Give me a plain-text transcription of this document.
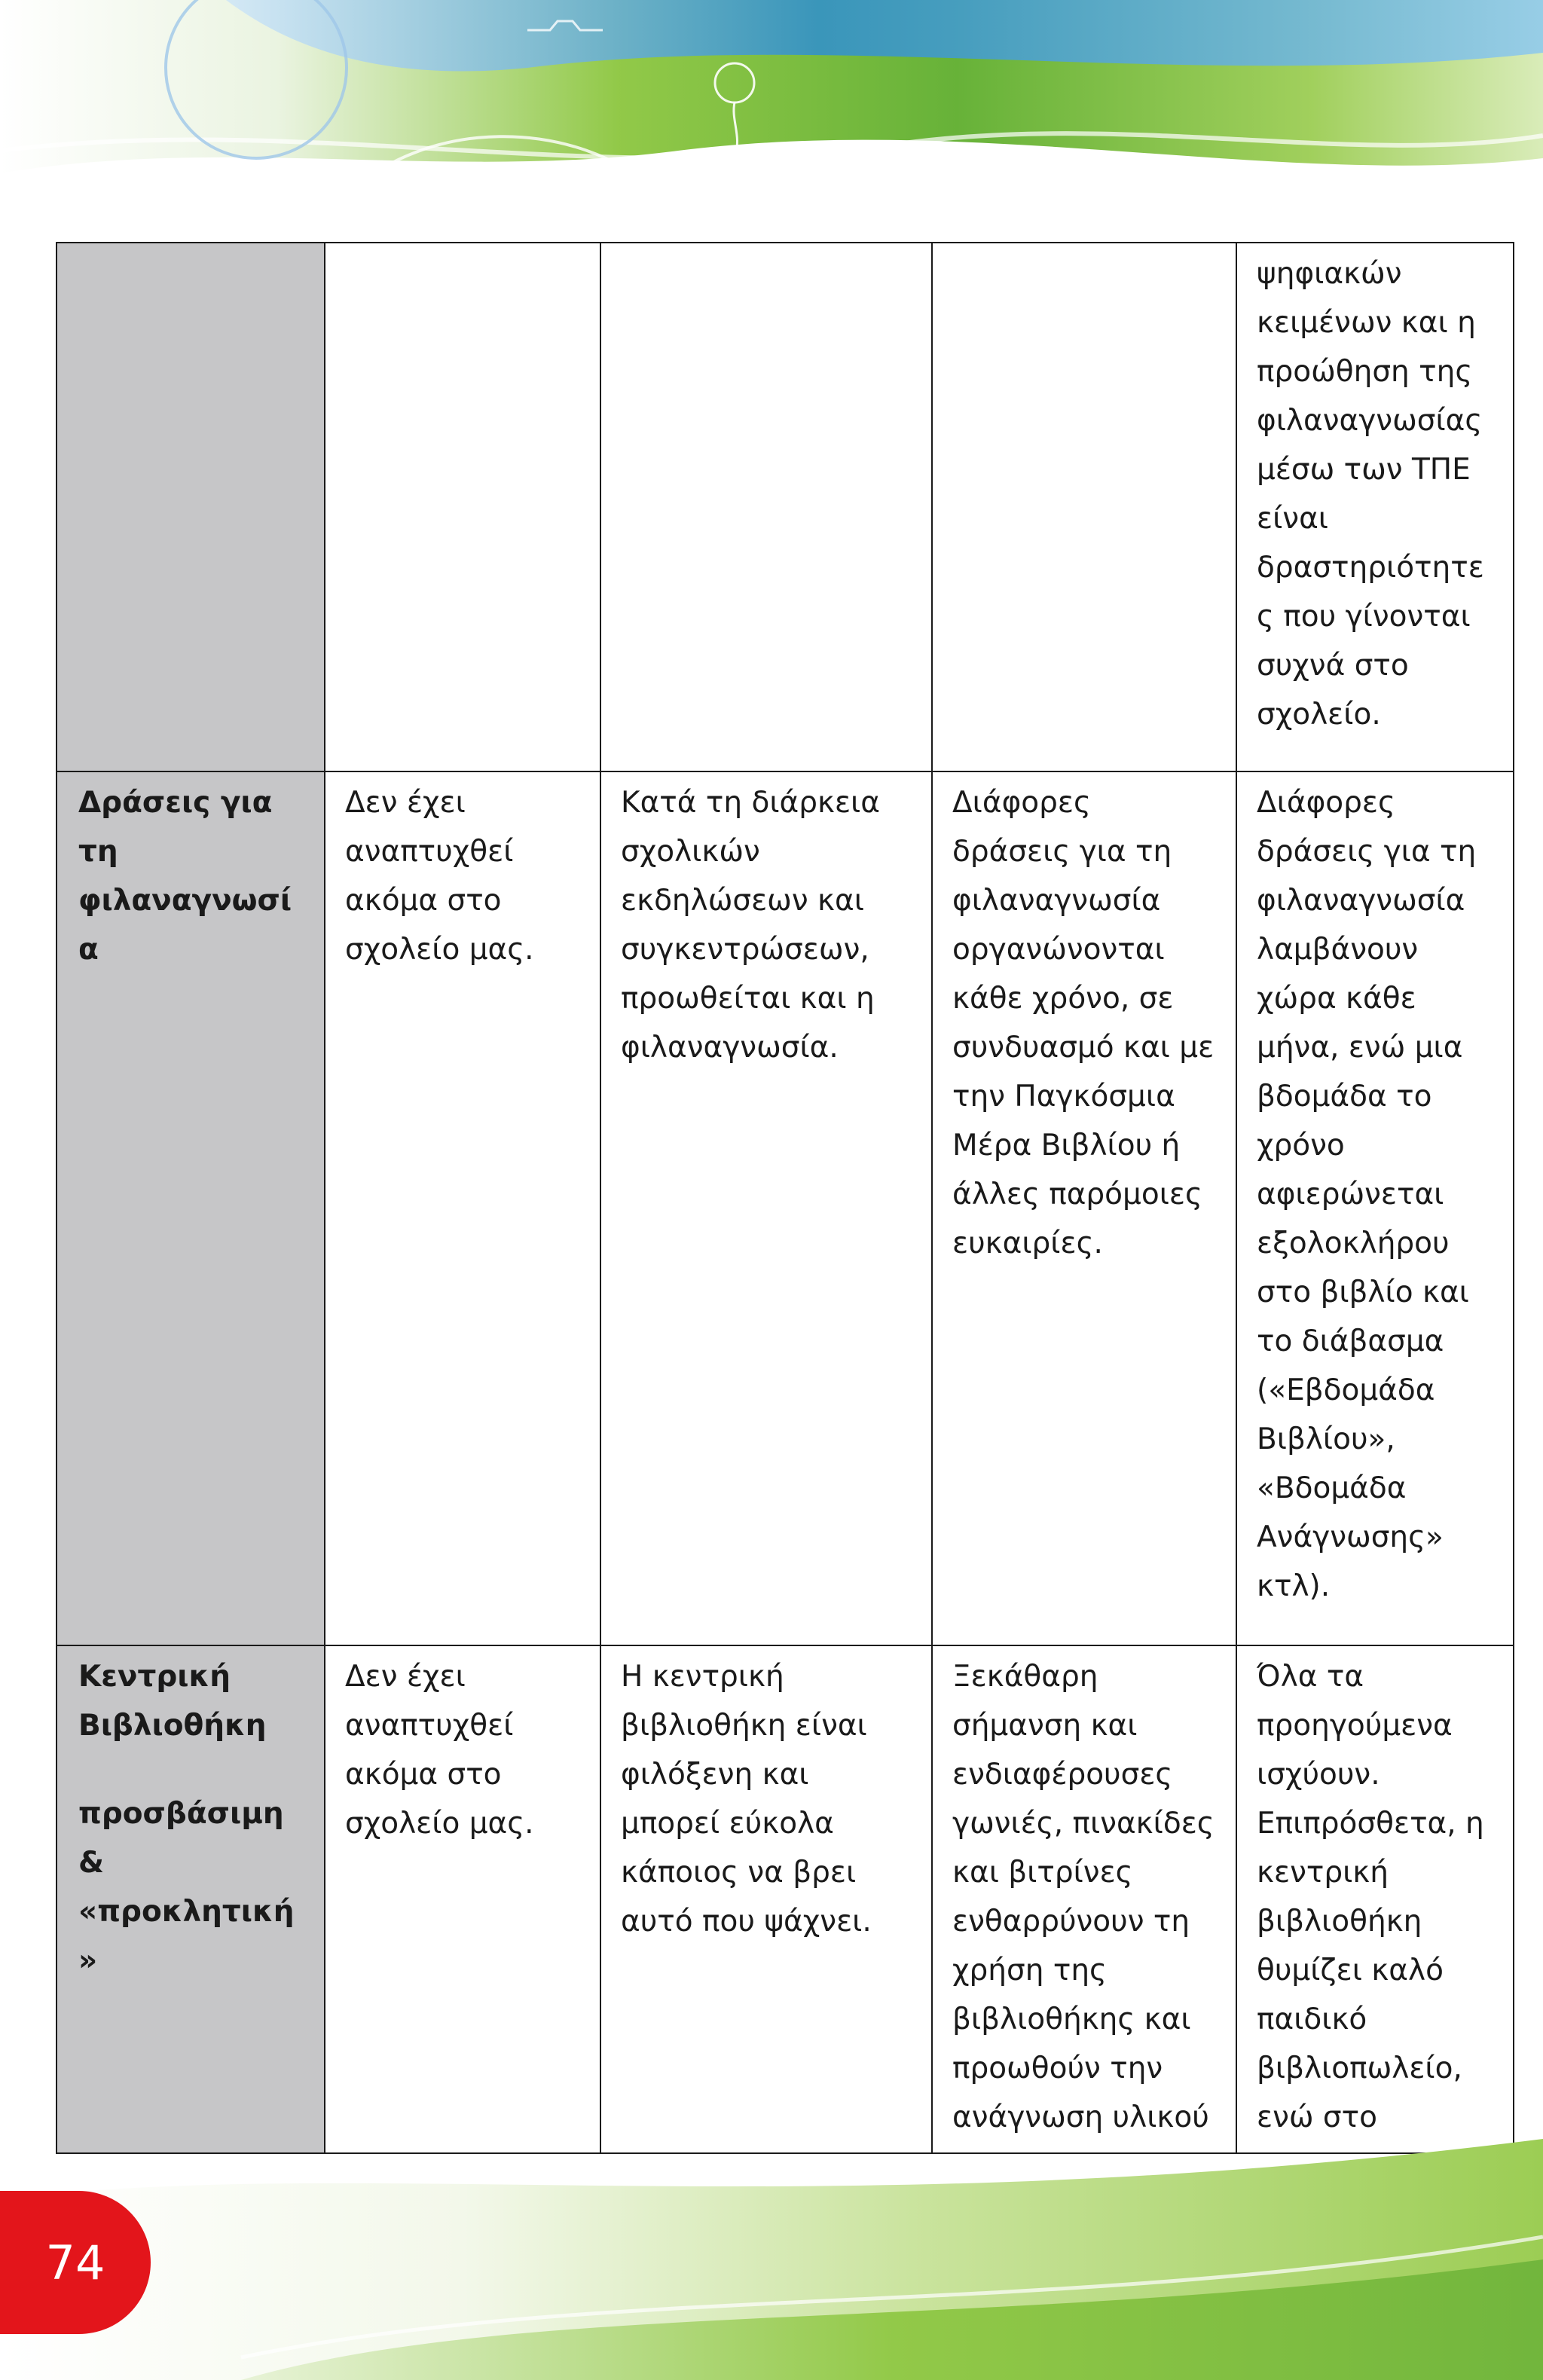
				ψηφιακών κειμένων και η προώθηση της φιλαναγνωσίας μέσω των ΤΠΕ είναι δραστηριότητες που γίνονται συχνά στο σχολείο.
Δράσεις για τη φιλαναγνωσία	Δεν έχει αναπτυχθεί ακόμα στο σχολείο μας.	Κατά τη διάρκεια σχολικών εκδηλώσεων και συγκεντρώσεων, προωθείται και η φιλαναγνωσία.	Διάφορες δράσεις για τη φιλαναγνωσία οργανώνονται κάθε χρόνο, σε συνδυασμό και με την Παγκόσμια Μέρα Βιβλίου ή άλλες παρόμοιες ευκαιρίες.	Διάφορες δράσεις για τη φιλαναγνωσία λαμβάνουν χώρα κάθε μήνα, ενώ μια βδομάδα το χρόνο αφιερώνεται εξολοκλήρου στο βιβλίο και το διάβασμα («Εβδομάδα Βιβλίου», «Βδομάδα Ανάγνωσης» κτλ).
Κεντρική Βιβλιοθήκη
προσβάσιμη & «προκλητική»	Δεν έχει αναπτυχθεί ακόμα στο σχολείο μας.	Η κεντρική βιβλιοθήκη είναι φιλόξενη και μπορεί εύκολα κάποιος να βρει αυτό που ψάχνει.	Ξεκάθαρη σήμανση και ενδιαφέρουσες γωνιές, πινακίδες και βιτρίνες ενθαρρύνουν τη χρήση της βιβλιοθήκης και προωθούν την ανάγνωση υλικού	Όλα τα προηγούμενα ισχύουν. Επιπρόσθετα, η κεντρική βιβλιοθήκη θυμίζει καλό παιδικό βιβλιοπωλείο, ενώ στο
74
